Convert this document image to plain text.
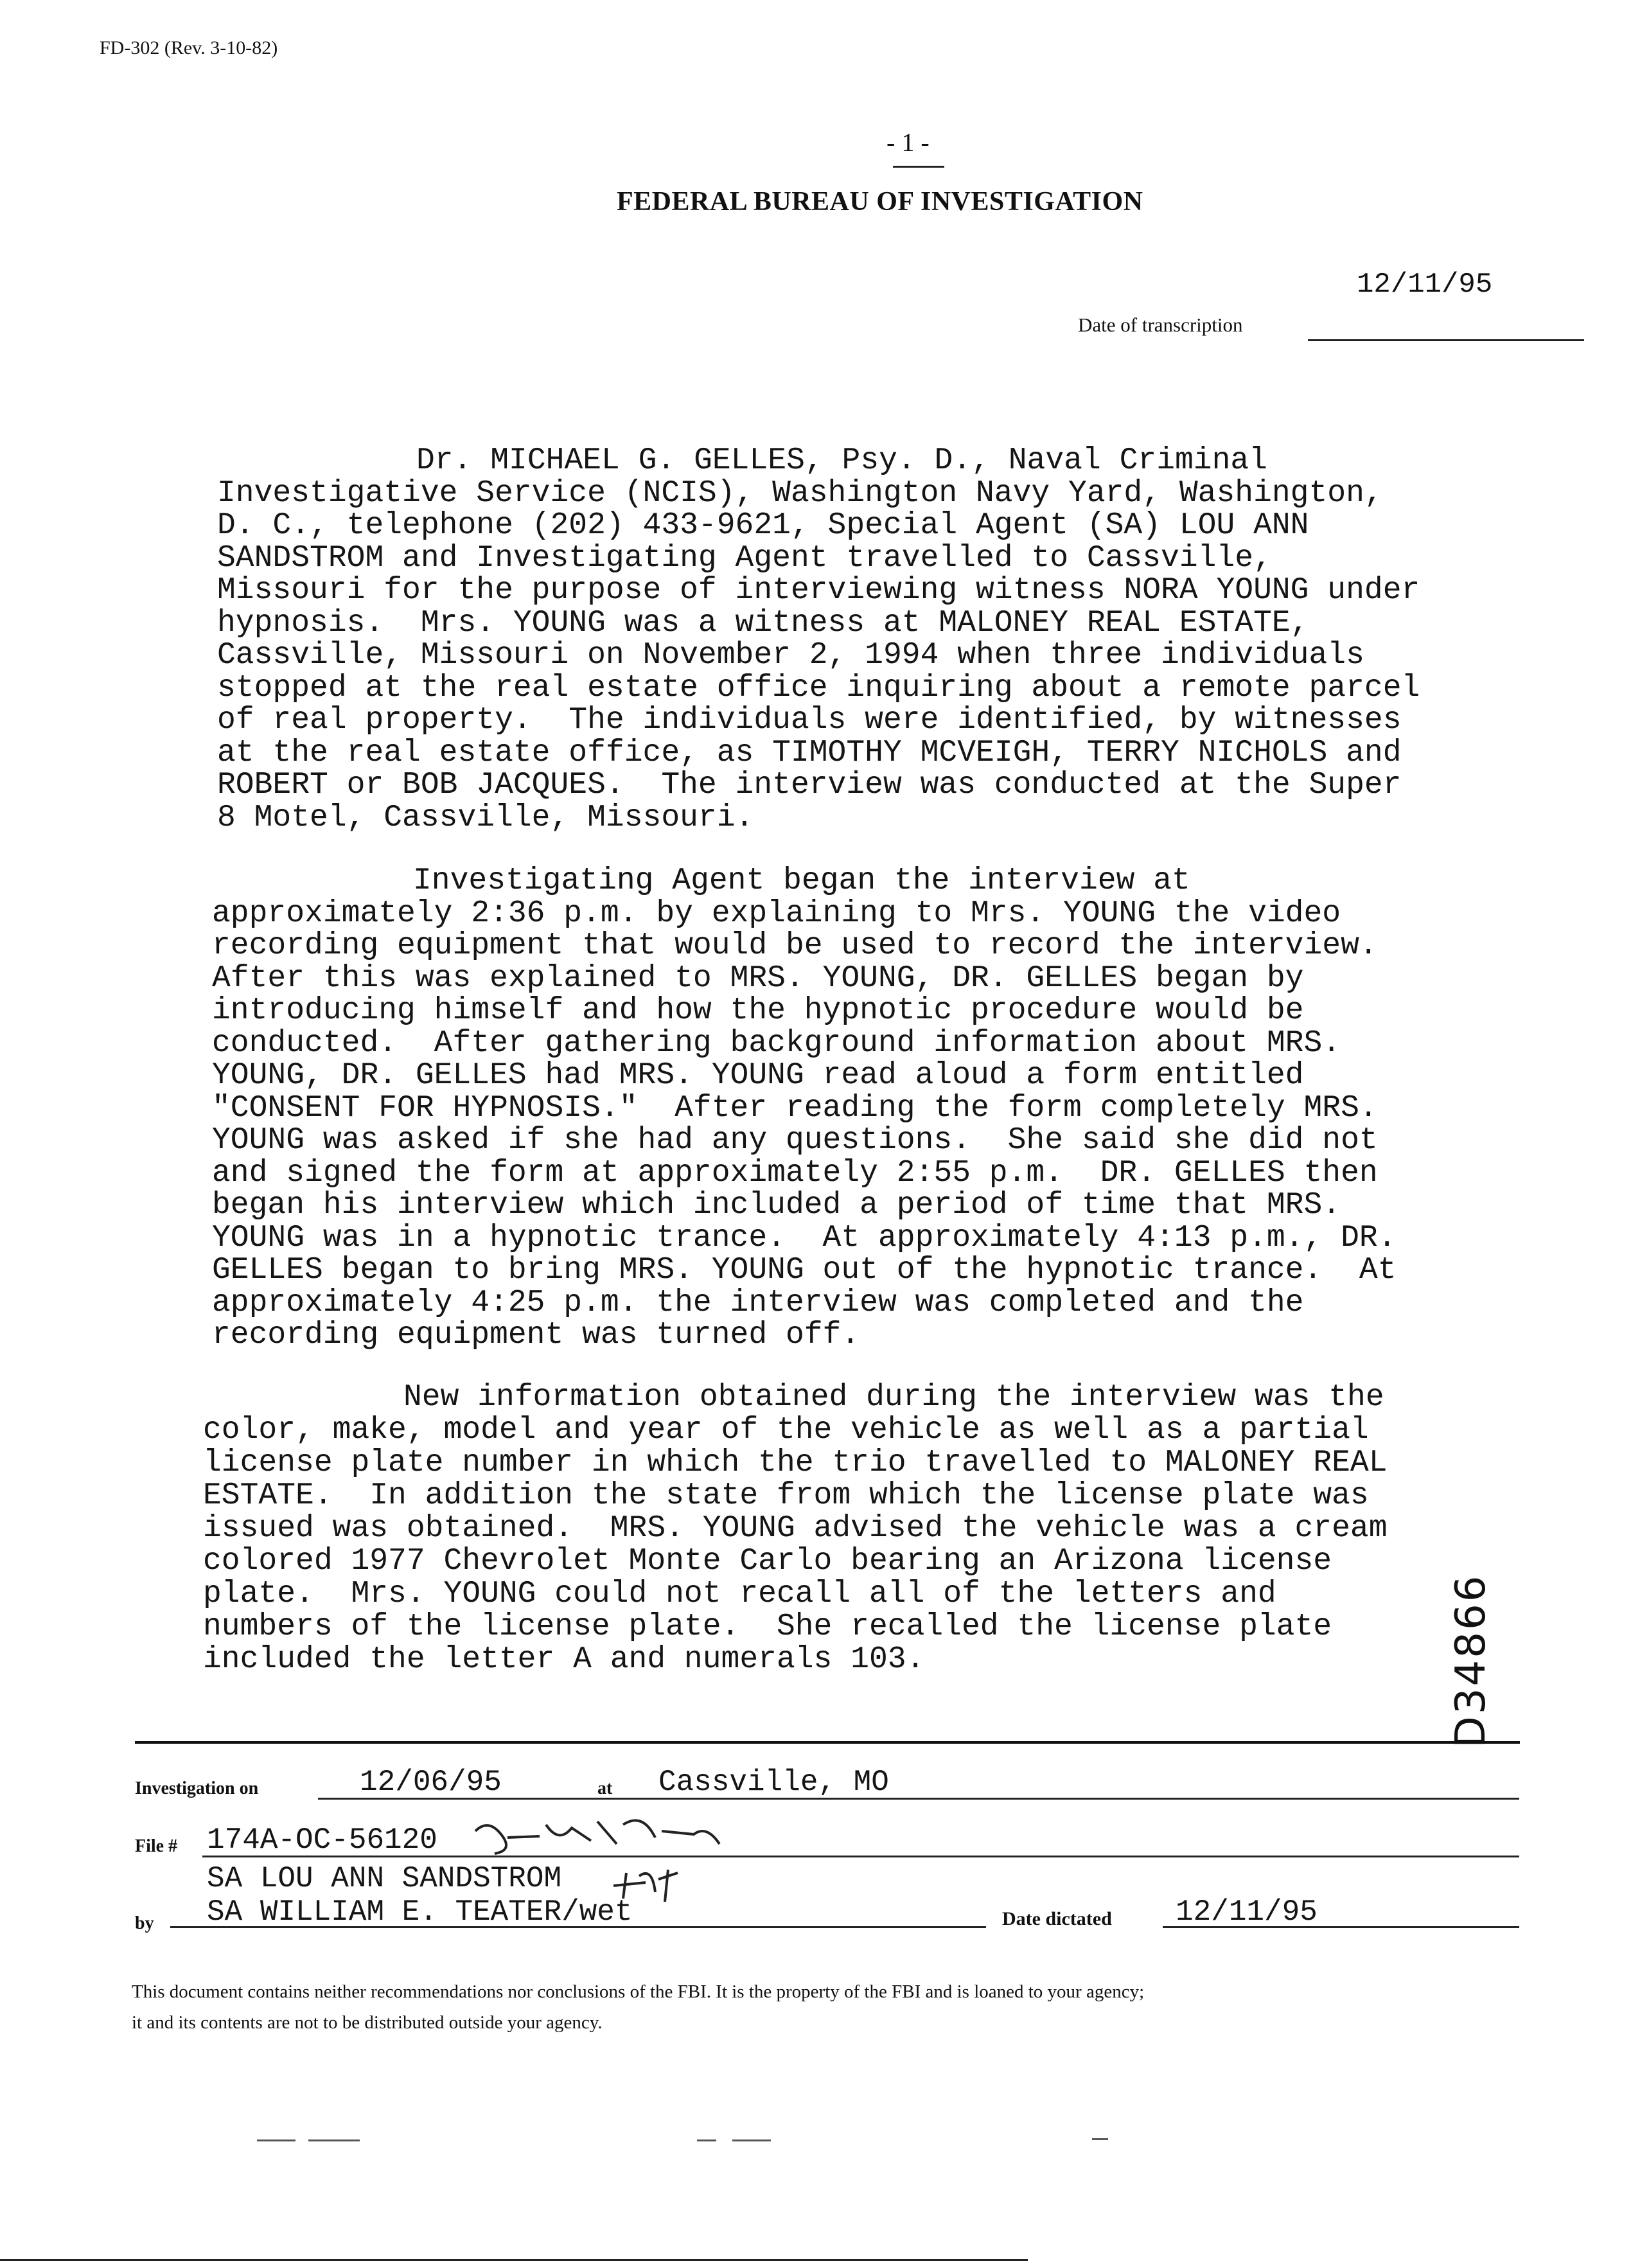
FD-302 (Rev. 3-10-82)
- 1 -
FEDERAL BUREAU OF INVESTIGATION
12/11/95
Date of transcription
Dr. MICHAEL G. GELLES, Psy. D., Naval Criminal
Investigative Service (NCIS), Washington Navy Yard, Washington,
D. C., telephone (202) 433-9621, Special Agent (SA) LOU ANN
SANDSTROM and Investigating Agent travelled to Cassville,
Missouri for the purpose of interviewing witness NORA YOUNG under
hypnosis.  Mrs. YOUNG was a witness at MALONEY REAL ESTATE,
Cassville, Missouri on November 2, 1994 when three individuals
stopped at the real estate office inquiring about a remote parcel
of real property.  The individuals were identified, by witnesses
at the real estate office, as TIMOTHY MCVEIGH, TERRY NICHOLS and
ROBERT or BOB JACQUES.  The interview was conducted at the Super
8 Motel, Cassville, Missouri.
Investigating Agent began the interview at
approximately 2:36 p.m. by explaining to Mrs. YOUNG the video
recording equipment that would be used to record the interview.
After this was explained to MRS. YOUNG, DR. GELLES began by
introducing himself and how the hypnotic procedure would be
conducted.  After gathering background information about MRS.
YOUNG, DR. GELLES had MRS. YOUNG read aloud a form entitled
"CONSENT FOR HYPNOSIS."  After reading the form completely MRS.
YOUNG was asked if she had any questions.  She said she did not
and signed the form at approximately 2:55 p.m.  DR. GELLES then
began his interview which included a period of time that MRS.
YOUNG was in a hypnotic trance.  At approximately 4:13 p.m., DR.
GELLES began to bring MRS. YOUNG out of the hypnotic trance.  At
approximately 4:25 p.m. the interview was completed and the
recording equipment was turned off.
New information obtained during the interview was the
color, make, model and year of the vehicle as well as a partial
license plate number in which the trio travelled to MALONEY REAL
ESTATE.  In addition the state from which the license plate was
issued was obtained.  MRS. YOUNG advised the vehicle was a cream
colored 1977 Chevrolet Monte Carlo bearing an Arizona license
plate.  Mrs. YOUNG could not recall all of the letters and
numbers of the license plate.  She recalled the license plate
included the letter A and numerals 103.	D34866
Investigation on	12/06/95	at Cassville, MO
File # 174A-OC-56120
SA LOU ANN SANDSTROM
by SA WILLIAM E. TEATER/wet	Date dictated 12/11/95
This document contains neither recommendations nor conclusions of the FBI. It is the property of the FBI and is loaned to your agency;
it and its contents are not to be distributed outside your agency.
